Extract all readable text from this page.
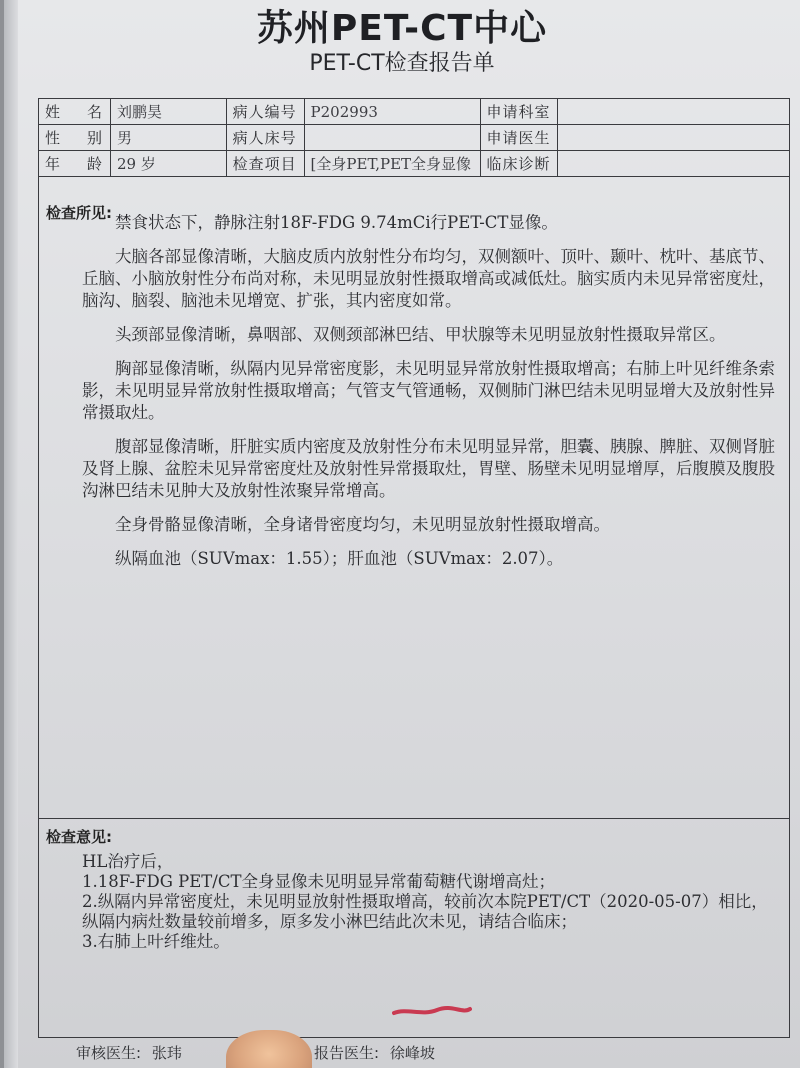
苏州PET-CT中心
PET-CT检查报告单
姓 名	刘鹏昊	病人编号	P202993	申请科室	

性 别	男	病人床号		申请医生	

年 龄	29 岁	检查项目	[全身PET,PET全身显像	临床诊断	
检查所见: 禁食状态下，静脉注射18F-FDG 9.74mCi行PET-CT显像。

大脑各部显像清晰，大脑皮质内放射性分布均匀，双侧额叶、顶叶、颞叶、枕叶、基底节、丘脑、小脑放射性分布尚对称，未见明显放射性摄取增高或减低灶。脑实质内未见异常密度灶，脑沟、脑裂、脑池未见增宽、扩张，其内密度如常。

头颈部显像清晰，鼻咽部、双侧颈部淋巴结、甲状腺等未见明显放射性摄取异常区。

胸部显像清晰，纵隔内见异常密度影，未见明显异常放射性摄取增高；右肺上叶见纤维条索影，未见明显异常放射性摄取增高；气管支气管通畅，双侧肺门淋巴结未见明显增大及放射性异常摄取灶。

腹部显像清晰，肝脏实质内密度及放射性分布未见明显异常，胆囊、胰腺、脾脏、双侧肾脏及肾上腺、盆腔未见异常密度灶及放射性异常摄取灶，胃壁、肠壁未见明显增厚，后腹膜及腹股沟淋巴结未见肿大及放射性浓聚异常增高。

全身骨骼显像清晰，全身诸骨密度均匀，未见明显放射性摄取增高。

纵隔血池（SUVmax：1.55）；肝血池（SUVmax：2.07）。

检查意见:
HL治疗后，
1.18F-FDG PET/CT全身显像未见明显异常葡萄糖代谢增高灶；
2.纵隔内异常密度灶，未见明显放射性摄取增高，较前次本院PET/CT（2020-05-07）相比，纵隔内病灶数量较前增多，原多发小淋巴结此次未见，请结合临床；
3.右肺上叶纤维灶。
审核医生: 张玮	报告医生: 徐峰坡
